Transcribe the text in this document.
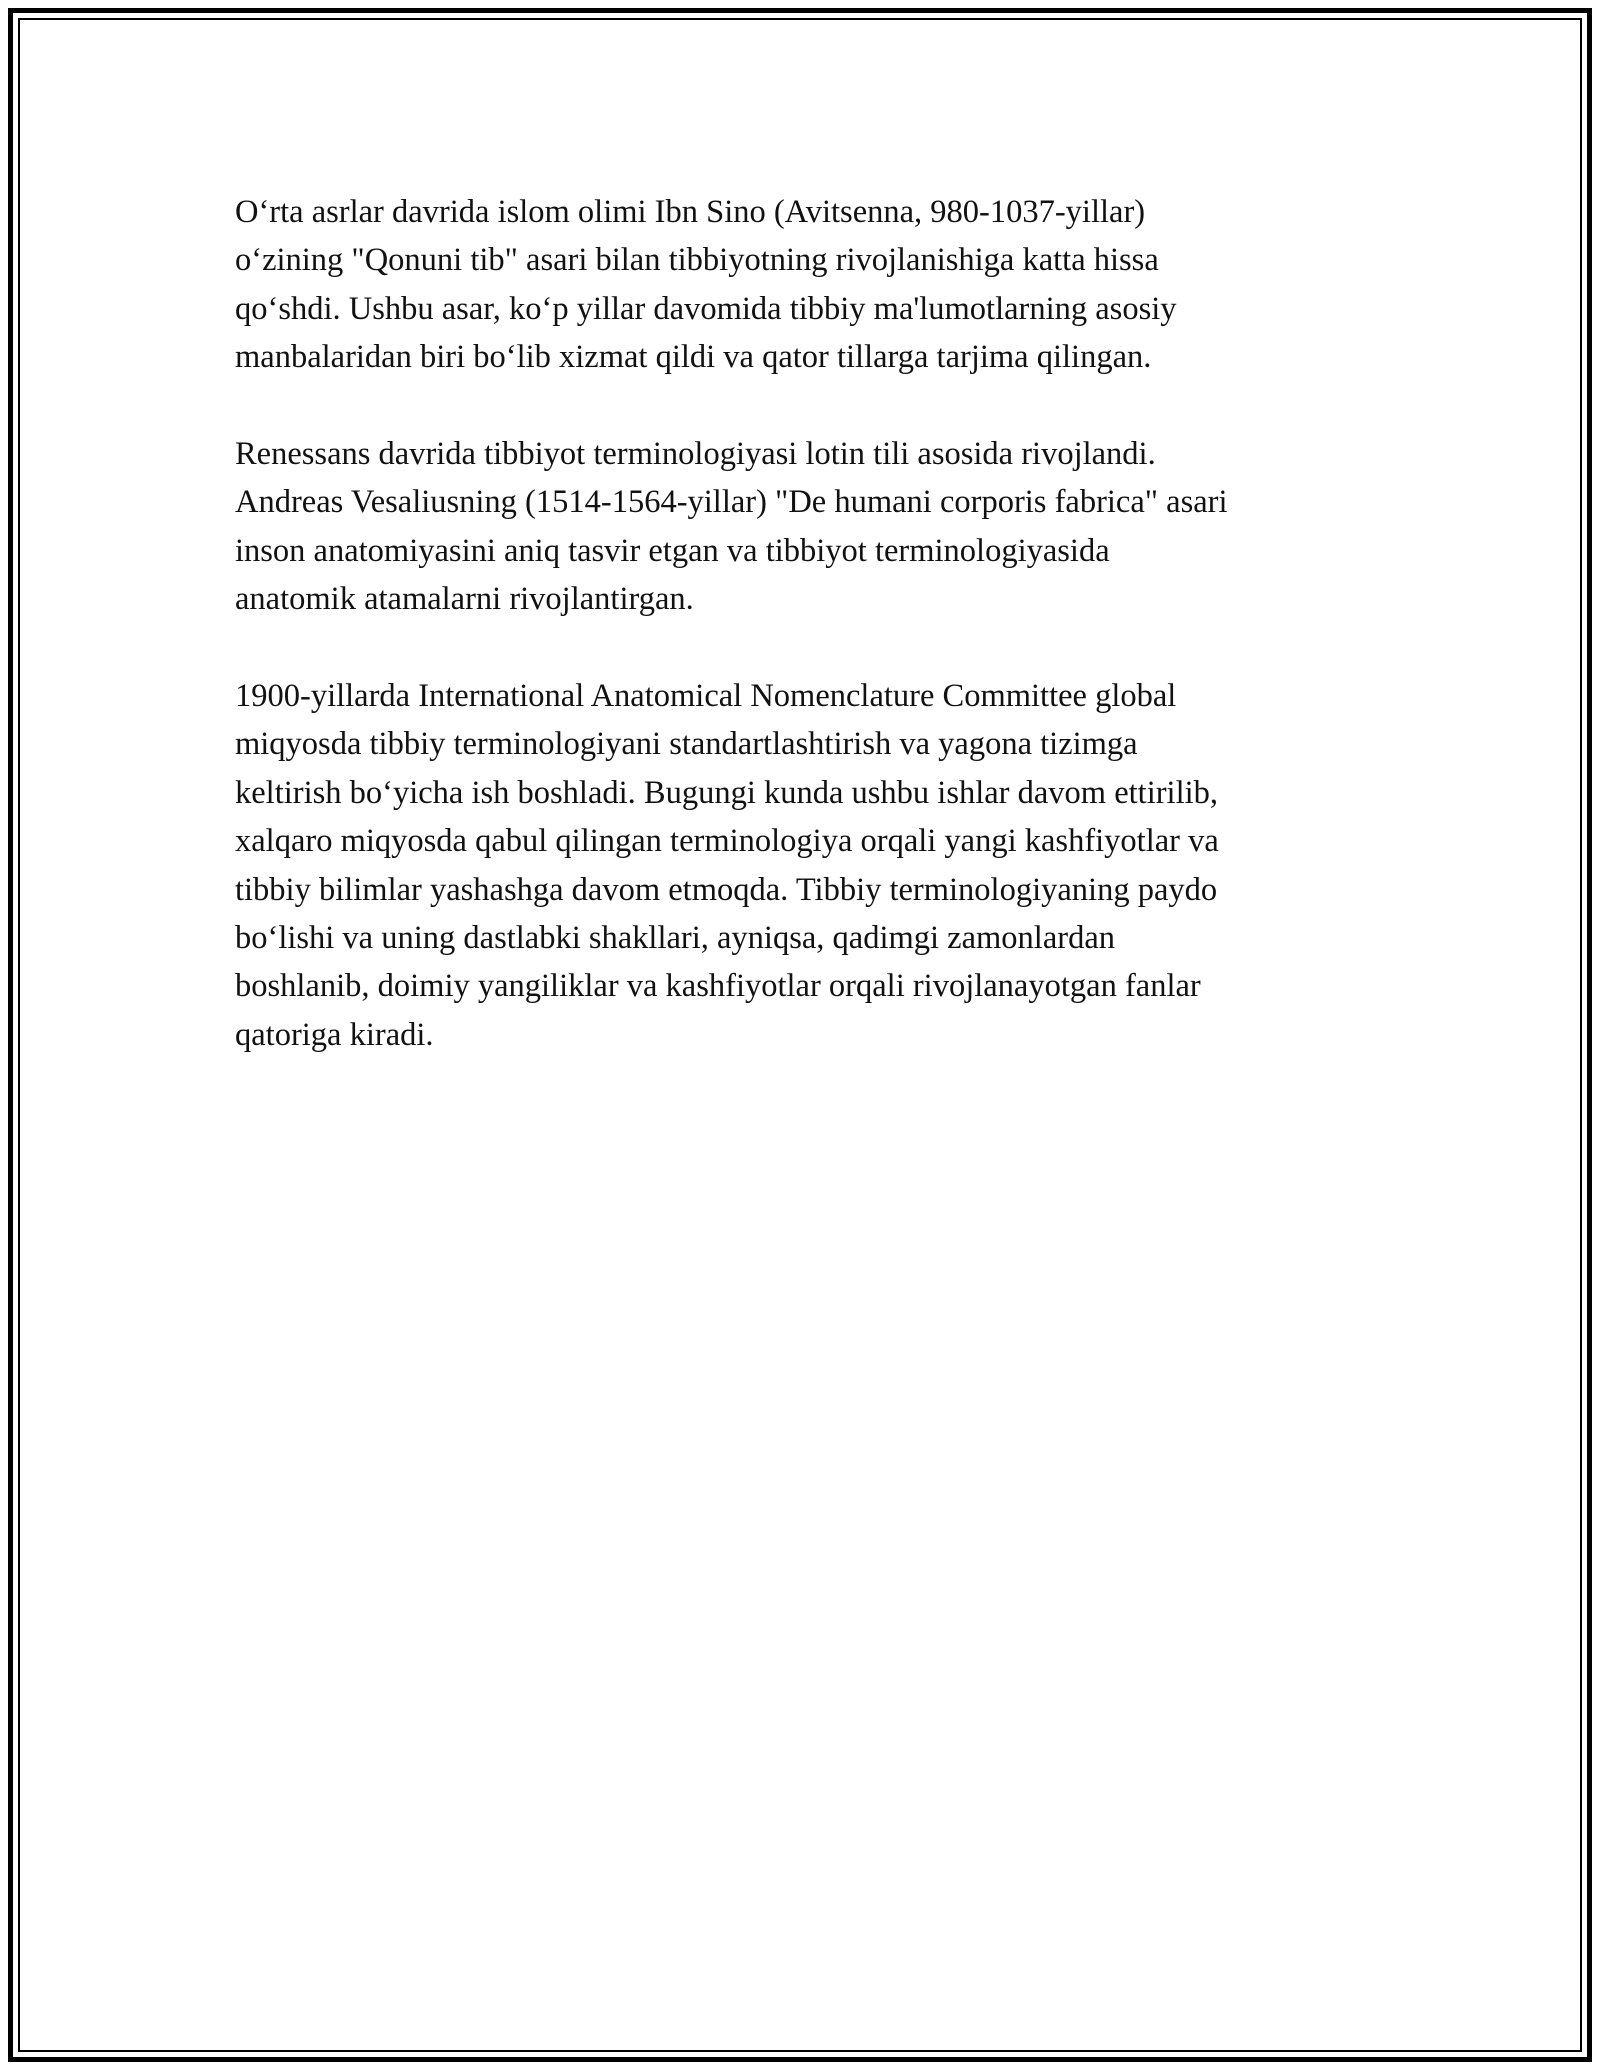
O‘rta asrlar davrida islom olimi Ibn Sino (Avitsenna, 980-1037-yillar)
o‘zining "Qonuni tib" asari bilan tibbiyotning rivojlanishiga katta hissa
qo‘shdi. Ushbu asar, ko‘p yillar davomida tibbiy ma'lumotlarning asosiy
manbalaridan biri bo‘lib xizmat qildi va qator tillarga tarjima qilingan.

Renessans davrida tibbiyot terminologiyasi lotin tili asosida rivojlandi.
Andreas Vesaliusning (1514-1564-yillar) "De humani corporis fabrica" asari
inson anatomiyasini aniq tasvir etgan va tibbiyot terminologiyasida
anatomik atamalarni rivojlantirgan.

1900-yillarda International Anatomical Nomenclature Committee global
miqyosda tibbiy terminologiyani standartlashtirish va yagona tizimga
keltirish bo‘yicha ish boshladi. Bugungi kunda ushbu ishlar davom ettirilib,
xalqaro miqyosda qabul qilingan terminologiya orqali yangi kashfiyotlar va
tibbiy bilimlar yashashga davom etmoqda. Tibbiy terminologiyaning paydo
bo‘lishi va uning dastlabki shakllari, ayniqsa, qadimgi zamonlardan
boshlanib, doimiy yangiliklar va kashfiyotlar orqali rivojlanayotgan fanlar
qatoriga kiradi.
